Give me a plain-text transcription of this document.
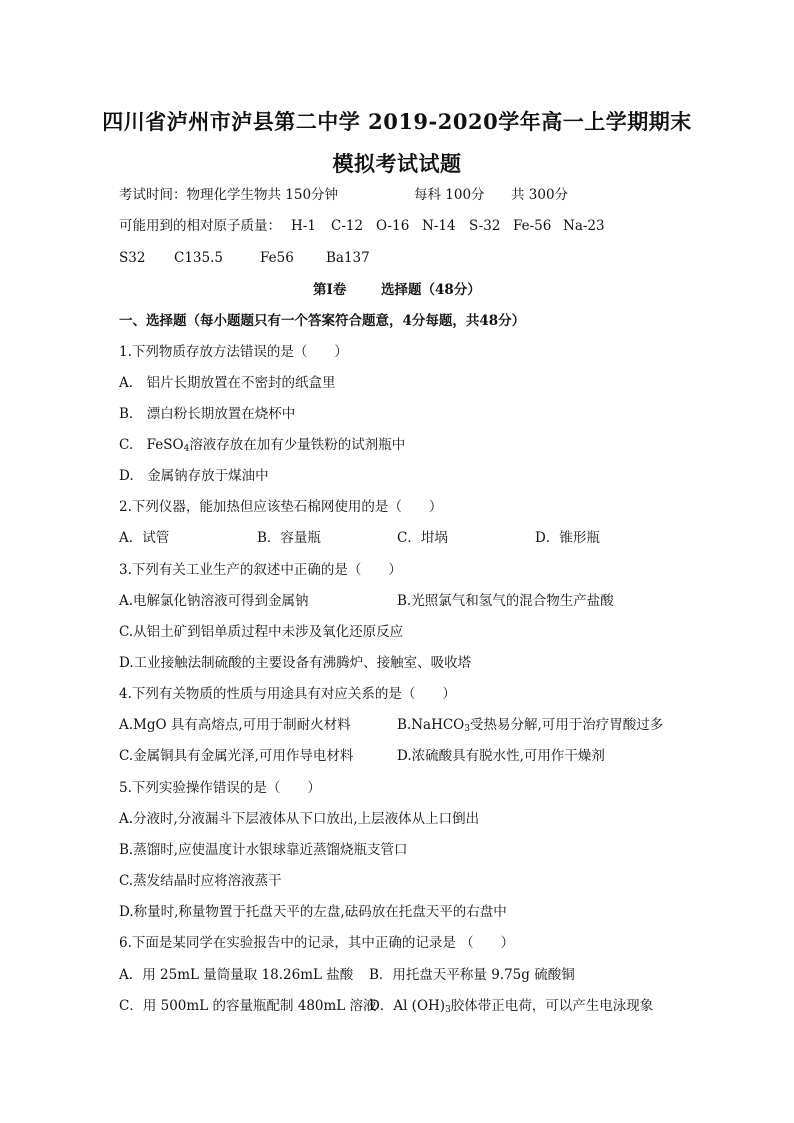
四川省泸州市泸县第二中学 2019-2020学年高一上学期期末
模拟考试试题
考试时间：物理化学生物共 150分钟	每科 100分 共 300分
可能用到的相对原子质量： H-1 C-12 O-16 N-14 S-32 Fe-56 Na-23
S32 C135.5	Fe56 Ba137
第Ⅰ卷	选择题（48分）
一、选择题（每小题题只有一个答案符合题意，4分每题，共48分）
1.下列物质存放方法错误的是（　　）
A.　铝片长期放置在不密封的纸盒里
B.　漂白粉长期放置在烧杯中
C.　FeSO$_4$溶液存放在加有少量铁粉的试剂瓶中
D.　金属钠存放于煤油中
2.下列仪器，能加热但应该垫石棉网使用的是（　　）
A．试管	B．容量瓶	C．坩埚	D．锥形瓶
3.下列有关工业生产的叙述中正确的是（　　）
A.电解氯化钠溶液可得到金属钠	B.光照氯气和氢气的混合物生产盐酸
C.从铝土矿到铝单质过程中未涉及氧化还原反应
D.工业接触法制硫酸的主要设备有沸腾炉、接触室、吸收塔
4.下列有关物质的性质与用途具有对应关系的是（　　）
A.MgO 具有高熔点,可用于制耐火材料	B.NaHCO$_3$受热易分解,可用于治疗胃酸过多
C.金属铜具有金属光泽,可用作导电材料	D.浓硫酸具有脱水性,可用作干燥剂
5.下列实验操作错误的是（　　）
A.分液时,分液漏斗下层液体从下口放出,上层液体从上口倒出
B.蒸馏时,应使温度计水银球靠近蒸馏烧瓶支管口
C.蒸发结晶时应将溶液蒸干
D.称量时,称量物置于托盘天平的左盘,砝码放在托盘天平的右盘中
6.下面是某同学在实验报告中的记录，其中正确的记录是 （　　）
A．用 25mL 量筒量取 18.26mL 盐酸 B．用托盘天平称量 9.75g 硫酸铜
C．用 500mL 的容量瓶配制 480mL 溶液
D．Al $(OH)_3$胶体带正电荷，可以产生电泳现象
